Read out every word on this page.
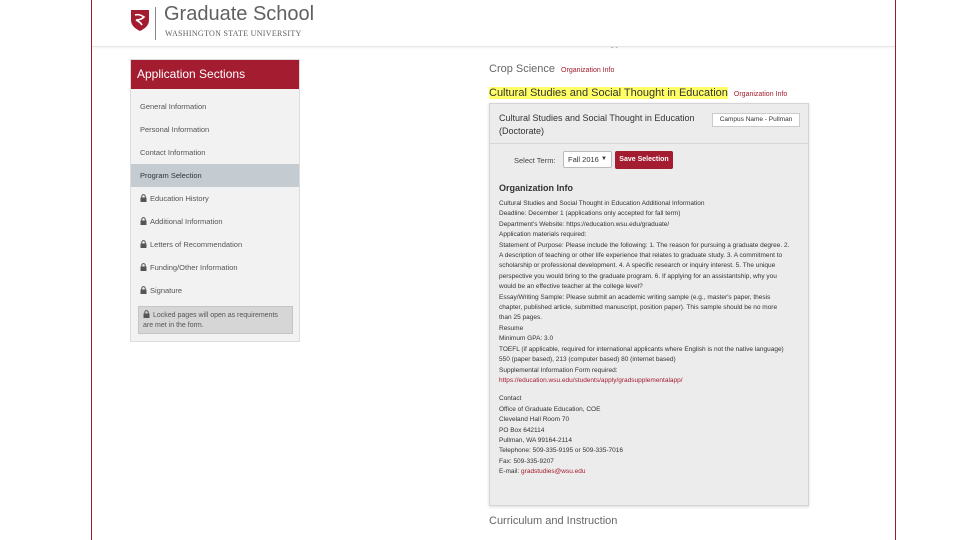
Graduate School
WASHINGTON STATE UNIVERSITY
Application Sections
General Information
Personal Information
Contact Information
Program Selection
Education History
Additional Information
Letters of Recommendation
Funding/Other Information
Signature
Locked pages will open as requirements are met in the form.
Crop Science Organization Info
Cultural Studies and Social Thought in Education Organization Info
Cultural Studies and Social Thought in Education (Doctorate)
Campus Name - Pullman
Select Term:	Fall 2016 ▼	Save Selection
Organization Info
Cultural Studies and Social Thought in Education Additional Information
Deadline: December 1 (applications only accepted for fall term)
Department's Website: https://education.wsu.edu/graduate/
Application materials required:
Statement of Purpose: Please include the following: 1. The reason for pursuing a graduate degree. 2.
A description of teaching or other life experience that relates to graduate study. 3. A commitment to
scholarship or professional development. 4. A specific research or inquiry interest. 5. The unique
perspective you would bring to the graduate program. 6. If applying for an assistantship, why you
would be an effective teacher at the college level?
Essay/Writing Sample: Please submit an academic writing sample (e.g., master's paper, thesis
chapter, published article, submitted manuscript, position paper). This sample should be no more
than 25 pages.
Resume
Minimum GPA: 3.0
TOEFL (if applicable, required for international applicants where English is not the native language)
550 (paper based), 213 (computer based) 80 (internet based)
Supplemental Information Form required:
https://education.wsu.edu/students/apply/gradsupplementalapp/
Contact
Office of Graduate Education, COE
Cleveland Hall Room 70
PO Box 642114
Pullman, WA 99164-2114
Telephone: 509-335-9195 or 509-335-7016
Fax: 509-335-9207
E-mail: gradstudies@wsu.edu
Curriculum and Instruction
